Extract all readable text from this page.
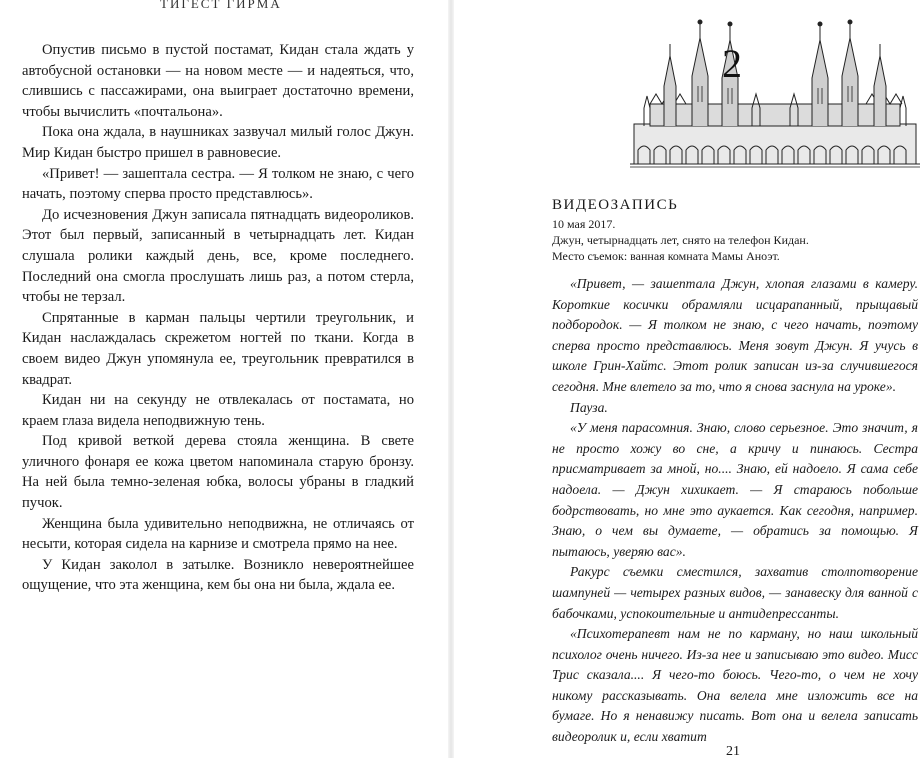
ТИГЕСТ ГИРМА

Опустив письмо в пустой постамат, Кидан стала ждать у автобусной остановки — на новом месте — и надеяться, что, слившись с пассажирами, она выиграет достаточно времени, чтобы вычислить «почтальона».

Пока она ждала, в наушниках зазвучал милый голос Джун. Мир Кидан быстро пришел в равновесие.

«Привет! — зашептала сестра. — Я толком не знаю, с чего начать, поэтому сперва просто представлюсь».

До исчезновения Джун записала пятнадцать видеороликов. Этот был первый, записанный в четырнадцать лет. Кидан слушала ролики каждый день, все, кроме последнего. Последний она смогла прослушать лишь раз, а потом стерла, чтобы не терзал.

Спрятанные в карман пальцы чертили треугольник, и Кидан наслаждалась скрежетом ногтей по ткани. Когда в своем видео Джун упомянула ее, треугольник превратился в квадрат.

Кидан ни на секунду не отвлекалась от постамата, но краем глаза видела неподвижную тень.

Под кривой веткой дерева стояла женщина. В свете уличного фонаря ее кожа цветом напоминала старую бронзу. На ней была темно-зеленая юбка, волосы убраны в гладкий пучок.

Женщина была удивительно неподвижна, не отличаясь от несыти, которая сидела на карнизе и смотрела прямо на нее.

У Кидан заколол в затылке. Возникло невероятнейшее ощущение, что эта женщина, кем бы она ни была, ждала ее.

2
ВИДЕОЗАПИСЬ
10 мая 2017.
Джун, четырнадцать лет, снято на телефон Кидан.
Место съемок: ванная комната Мамы Аноэт.

«Привет, — зашептала Джун, хлопая глазами в камеру. Короткие косички обрамляли исцарапанный, прыщавый подбородок. — Я толком не знаю, с чего начать, поэтому сперва просто представлюсь. Меня зовут Джун. Я учусь в школе Грин-Хайтс. Этот ролик записан из-за случившегося сегодня. Мне влетело за то, что я снова заснула на уроке».

Пауза.

«У меня парасомния. Знаю, слово серьезное. Это значит, я не просто хожу во сне, а кричу и пинаюсь. Сестра присматривает за мной, но.... Знаю, ей надоело. Я сама себе надоела. — Джун хихикает. — Я стараюсь побольше бодрствовать, но мне это аукается. Как сегодня, например. Знаю, о чем вы думаете, — обратись за помощью. Я пытаюсь, уверяю вас».

Ракурс съемки сместился, захватив столпотворение шампуней — четырех разных видов, — занавеску для ванной с бабочками, успокоительные и антидепрессанты.

«Психотерапевт нам не по карману, но наш школьный психолог очень ничего. Из-за нее и записываю это видео. Мисс Трис сказала.... Я чего-то боюсь. Чего-то, о чем не хочу никому рассказывать. Она велела мне изложить все на бумаге. Но я ненавижу писать. Вот она и велела записать видеоролик и, если хватит

21
